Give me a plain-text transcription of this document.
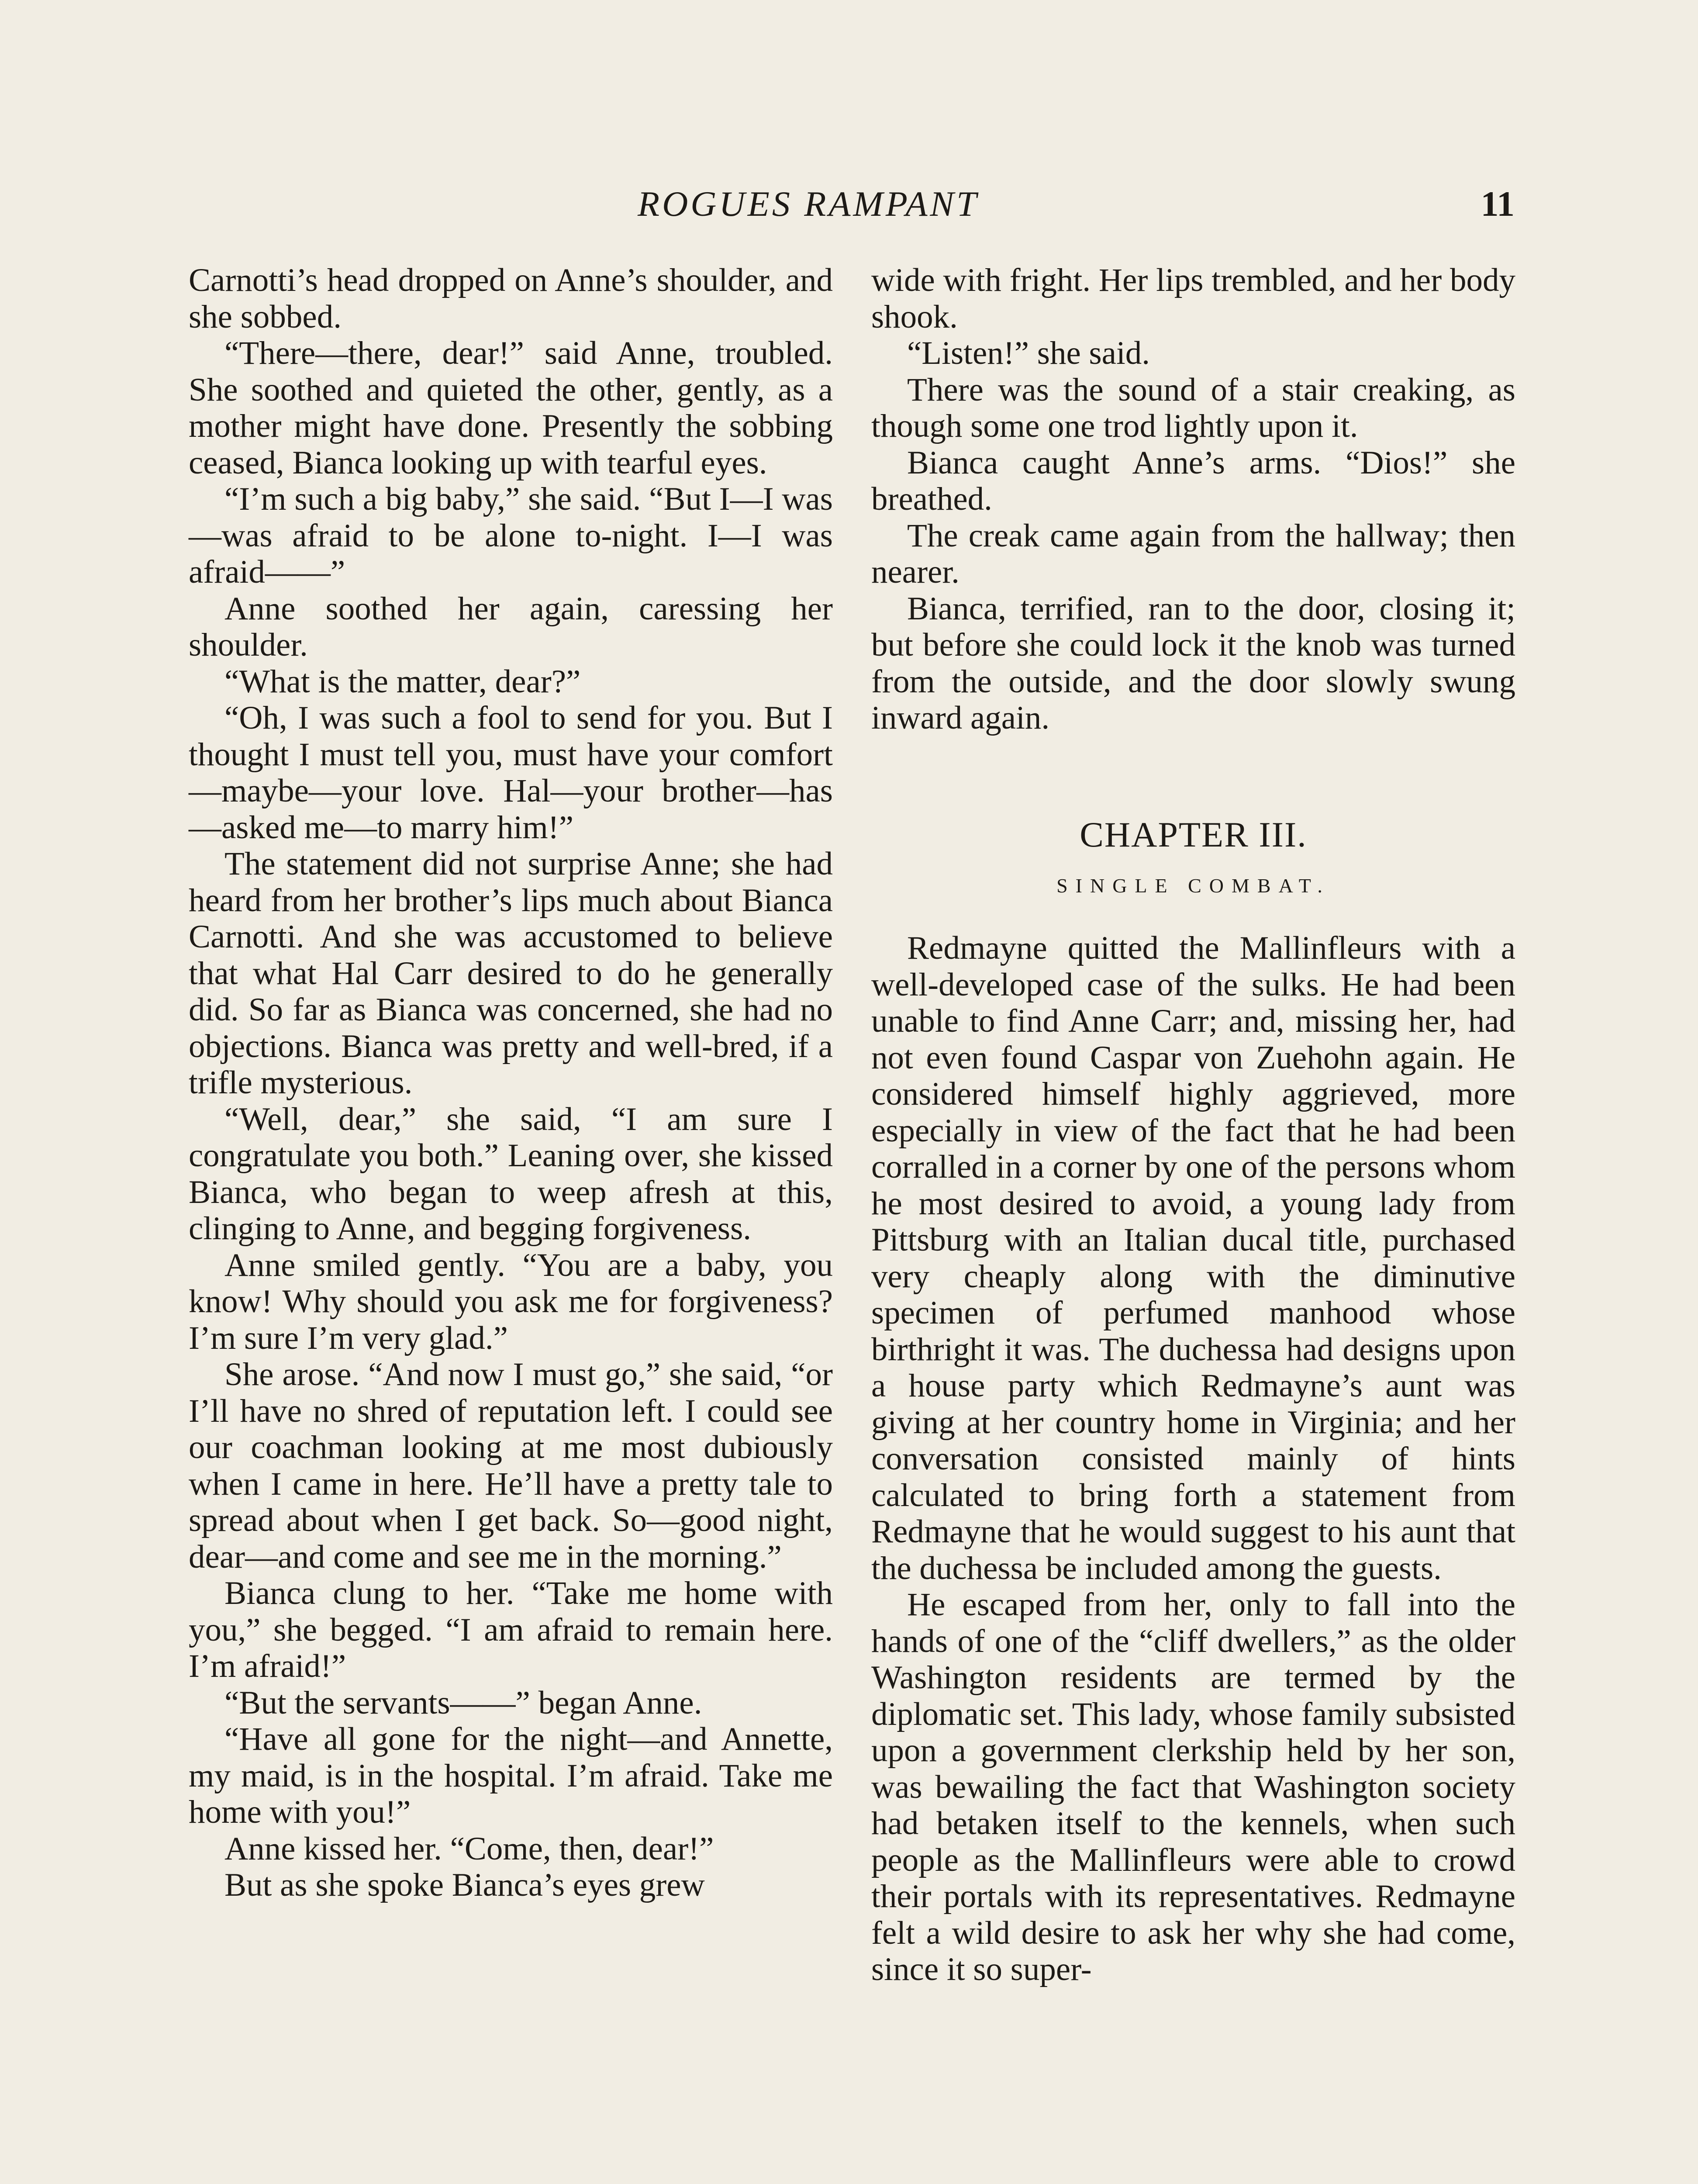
ROGUES RAMPANT	11

Carnotti’s head dropped on Anne’s shoulder, and she sobbed.

“There—there, dear!” said Anne, troubled. She soothed and quieted the other, gently, as a mother might have done. Presently the sobbing ceased, Bianca looking up with tearful eyes.

“I’m such a big baby,” she said. “But I—I was—was afraid to be alone to-night. I—I was afraid——”

Anne soothed her again, caressing her shoulder.

“What is the matter, dear?”

“Oh, I was such a fool to send for you. But I thought I must tell you, must have your comfort—maybe—your love. Hal—your brother—has—asked me—to marry him!”

The statement did not surprise Anne; she had heard from her brother’s lips much about Bianca Carnotti. And she was accustomed to believe that what Hal Carr desired to do he generally did. So far as Bianca was concerned, she had no objections. Bianca was pretty and well-bred, if a trifle mysterious.

“Well, dear,” she said, “I am sure I congratulate you both.” Leaning over, she kissed Bianca, who began to weep afresh at this, clinging to Anne, and begging forgiveness.

Anne smiled gently. “You are a baby, you know! Why should you ask me for forgiveness? I’m sure I’m very glad.”

She arose. “And now I must go,” she said, “or I’ll have no shred of reputation left. I could see our coachman looking at me most dubiously when I came in here. He’ll have a pretty tale to spread about when I get back. So—good night, dear—and come and see me in the morning.”

Bianca clung to her. “Take me home with you,” she begged. “I am afraid to remain here. I’m afraid!”

“But the servants——” began Anne.

“Have all gone for the night—and Annette, my maid, is in the hospital. I’m afraid. Take me home with you!”

Anne kissed her. “Come, then, dear!”

But as she spoke Bianca’s eyes grew

wide with fright. Her lips trembled, and her body shook.

“Listen!” she said.

There was the sound of a stair creaking, as though some one trod lightly upon it.

Bianca caught Anne’s arms. “Dios!” she breathed.

The creak came again from the hallway; then nearer.

Bianca, terrified, ran to the door, closing it; but before she could lock it the knob was turned from the outside, and the door slowly swung inward again.

CHAPTER III.
SINGLE COMBAT.

Redmayne quitted the Mallinfleurs with a well-developed case of the sulks. He had been unable to find Anne Carr; and, missing her, had not even found Caspar von Zuehohn again. He considered himself highly aggrieved, more especially in view of the fact that he had been corralled in a corner by one of the persons whom he most desired to avoid, a young lady from Pittsburg with an Italian ducal title, purchased very cheaply along with the diminutive specimen of perfumed manhood whose birthright it was. The duchessa had designs upon a house party which Redmayne’s aunt was giving at her country home in Virginia; and her conversation consisted mainly of hints calculated to bring forth a statement from Redmayne that he would suggest to his aunt that the duchessa be included among the guests.

He escaped from her, only to fall into the hands of one of the “cliff dwellers,” as the older Washington residents are termed by the diplomatic set. This lady, whose family subsisted upon a government clerkship held by her son, was bewailing the fact that Washington society had betaken itself to the kennels, when such people as the Mallinfleurs were able to crowd their portals with its representatives. Redmayne felt a wild desire to ask her why she had come, since it so super-
